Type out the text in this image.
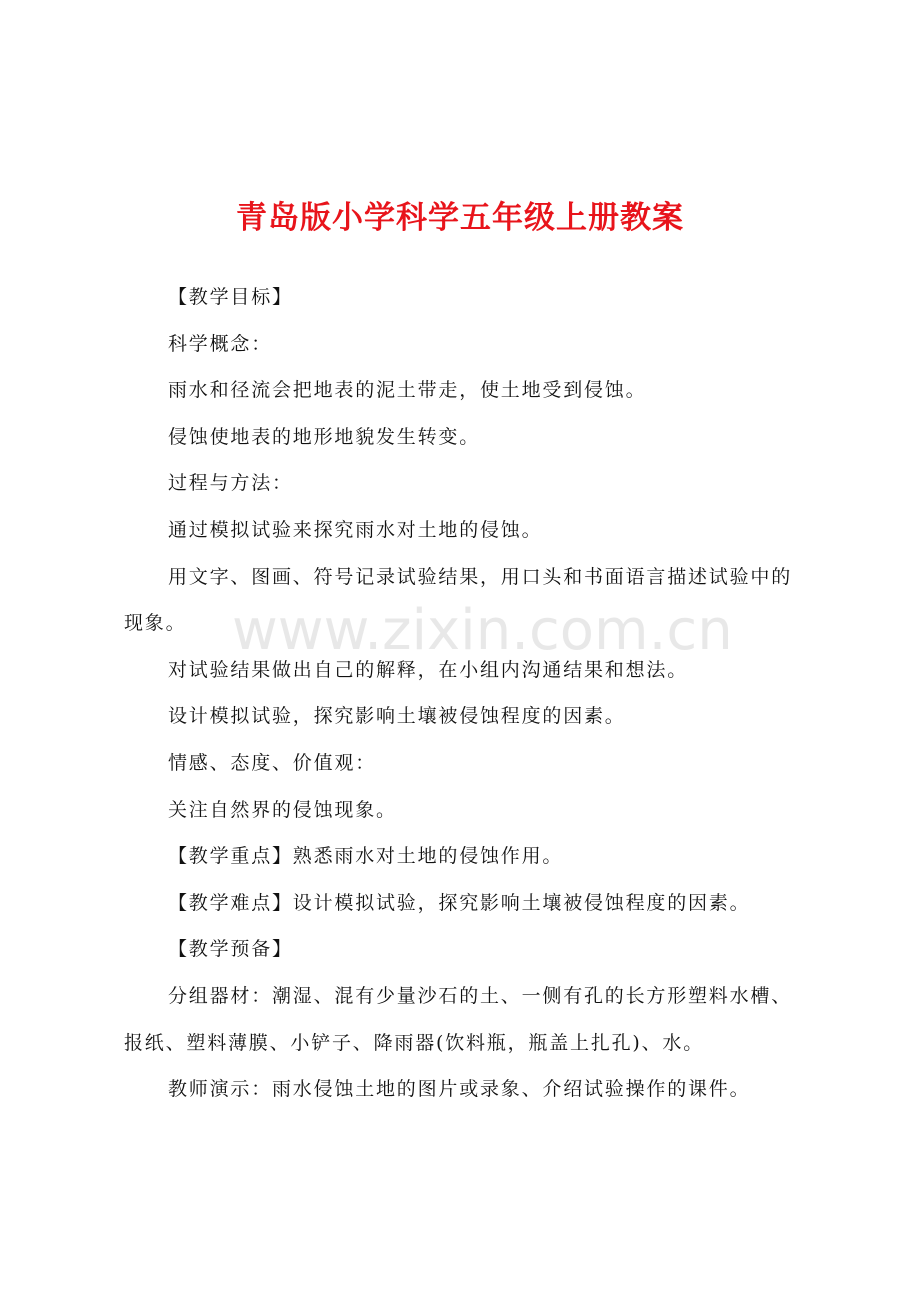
青岛版小学科学五年级上册教案
【教学目标】
科学概念：
雨水和径流会把地表的泥土带走，使土地受到侵蚀。
侵蚀使地表的地形地貌发生转变。
过程与方法：
通过模拟试验来探究雨水对土地的侵蚀。
用文字、图画、符号记录试验结果，用口头和书面语言描述试验中的
现象。
对试验结果做出自己的解释，在小组内沟通结果和想法。
设计模拟试验，探究影响土壤被侵蚀程度的因素。
情感、态度、价值观：
关注自然界的侵蚀现象。
【教学重点】熟悉雨水对土地的侵蚀作用。
【教学难点】设计模拟试验，探究影响土壤被侵蚀程度的因素。
【教学预备】
分组器材：潮湿、混有少量沙石的土、一侧有孔的长方形塑料水槽、
报纸、塑料薄膜、小铲子、降雨器(饮料瓶，瓶盖上扎孔)、水。
教师演示：雨水侵蚀土地的图片或录象、介绍试验操作的课件。
www.zixin.com.cn
